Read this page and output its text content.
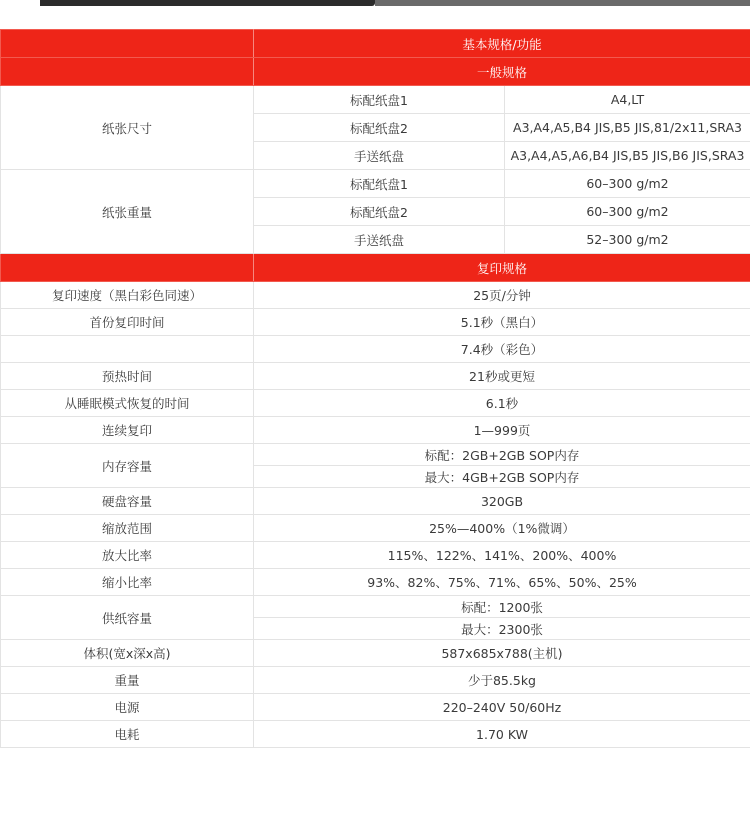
	基本规格/功能	
	一般规格	
纸张尺寸	标配纸盘1	A4,LT
	标配纸盘2	A3,A4,A5,B4 JIS,B5 JIS,81/2x11,SRA3
	手送纸盘	A3,A4,A5,A6,B4 JIS,B5 JIS,B6 JIS,SRA3
纸张重量	标配纸盘1	60–300 g/m2
	标配纸盘2	60–300 g/m2
	手送纸盘	52–300 g/m2
	复印规格	
复印速度（黑白彩色同速）	25页/分钟	
首份复印时间	5.1秒（黑白）	
	7.4秒（彩色）	
预热时间	21秒或更短	
从睡眠模式恢复的时间	6.1秒	
连续复印	1—999页	
内存容量	标配：2GB+2GB SOP内存	
	最大：4GB+2GB SOP内存	
硬盘容量	320GB	
缩放范围	25%—400%（1%微调）	
放大比率	115%、122%、141%、200%、400%	
缩小比率	93%、82%、75%、71%、65%、50%、25%	
供纸容量	标配：1200张	
	最大：2300张	
体积(宽x深x高)	587x685x788(主机)	
重量	少于85.5kg	
电源	220–240V 50/60Hz	
电耗	1.70 KW	
